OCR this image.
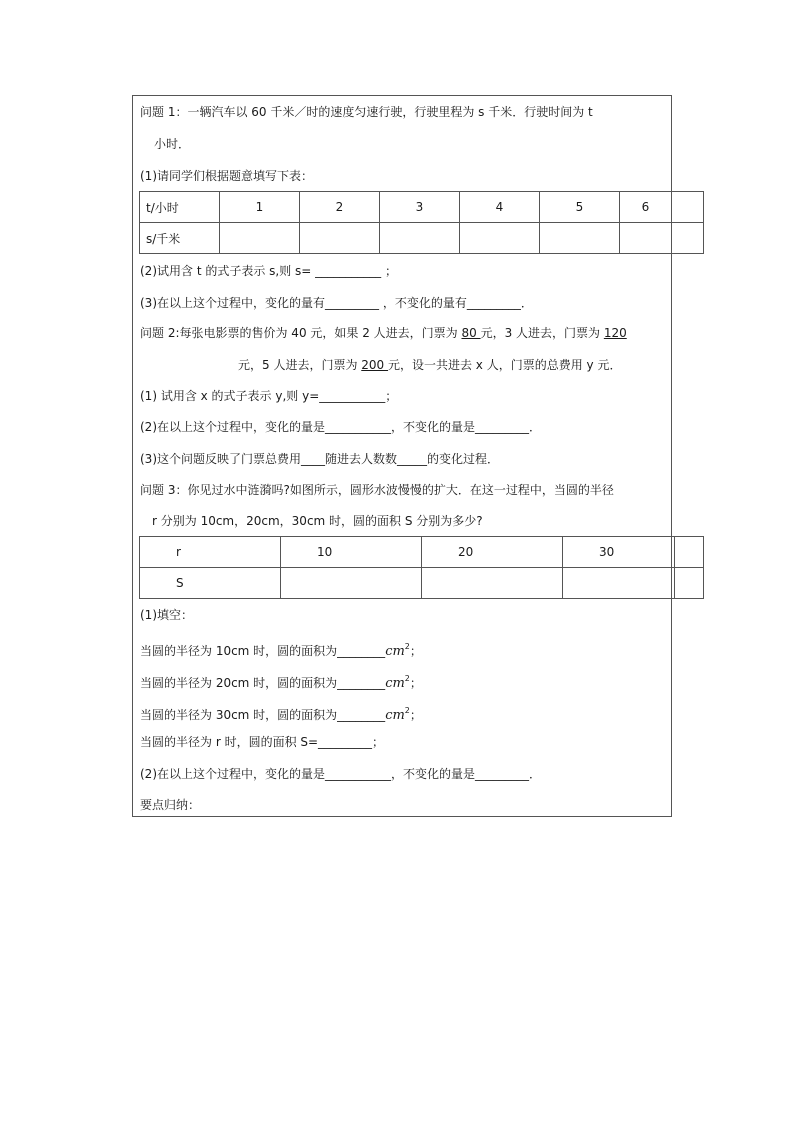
问题 1：一辆汽车以 60 千米／时的速度匀速行驶，行驶里程为 s 千米．行驶时间为 t
小时．
(1)请同学们根据题意填写下表：
t/小时	1	2	3	4	5	6	
s/千米							
(2)试用含 t 的式子表示 s,则 s= ___________ ；
(3)在以上这个过程中，变化的量有_________ ，不变化的量有_________．
问题 2:每张电影票的售价为 40 元，如果 2 人进去，门票为 80 元，3 人进去，门票为 120
元，5 人进去，门票为 200 元，设一共进去 x 人，门票的总费用 y 元．
(1) 试用含 x 的式子表示 y,则 y=___________；
(2)在以上这个过程中，变化的量是___________，不变化的量是_________．
(3)这个问题反映了门票总费用____随进去人数数_____的变化过程．
问题 3：你见过水中涟漪吗?如图所示，圆形水波慢慢的扩大．在这一过程中，当圆的半径
r 分别为 10cm，20cm，30cm 时，圆的面积 S 分别为多少?
r	10	20	30	
S				
(1)填空：
当圆的半径为 10cm 时，圆的面积为$\_\_\_\_\_\_\_\_cm^2$；
当圆的半径为 20cm 时，圆的面积为$\_\_\_\_\_\_\_\_cm^2$；
当圆的半径为 30cm 时，圆的面积为$\_\_\_\_\_\_\_\_cm^2$；
当圆的半径为 r 时，圆的面积 S=_________；
(2)在以上这个过程中，变化的量是___________，不变化的量是_________．
要点归纳：
